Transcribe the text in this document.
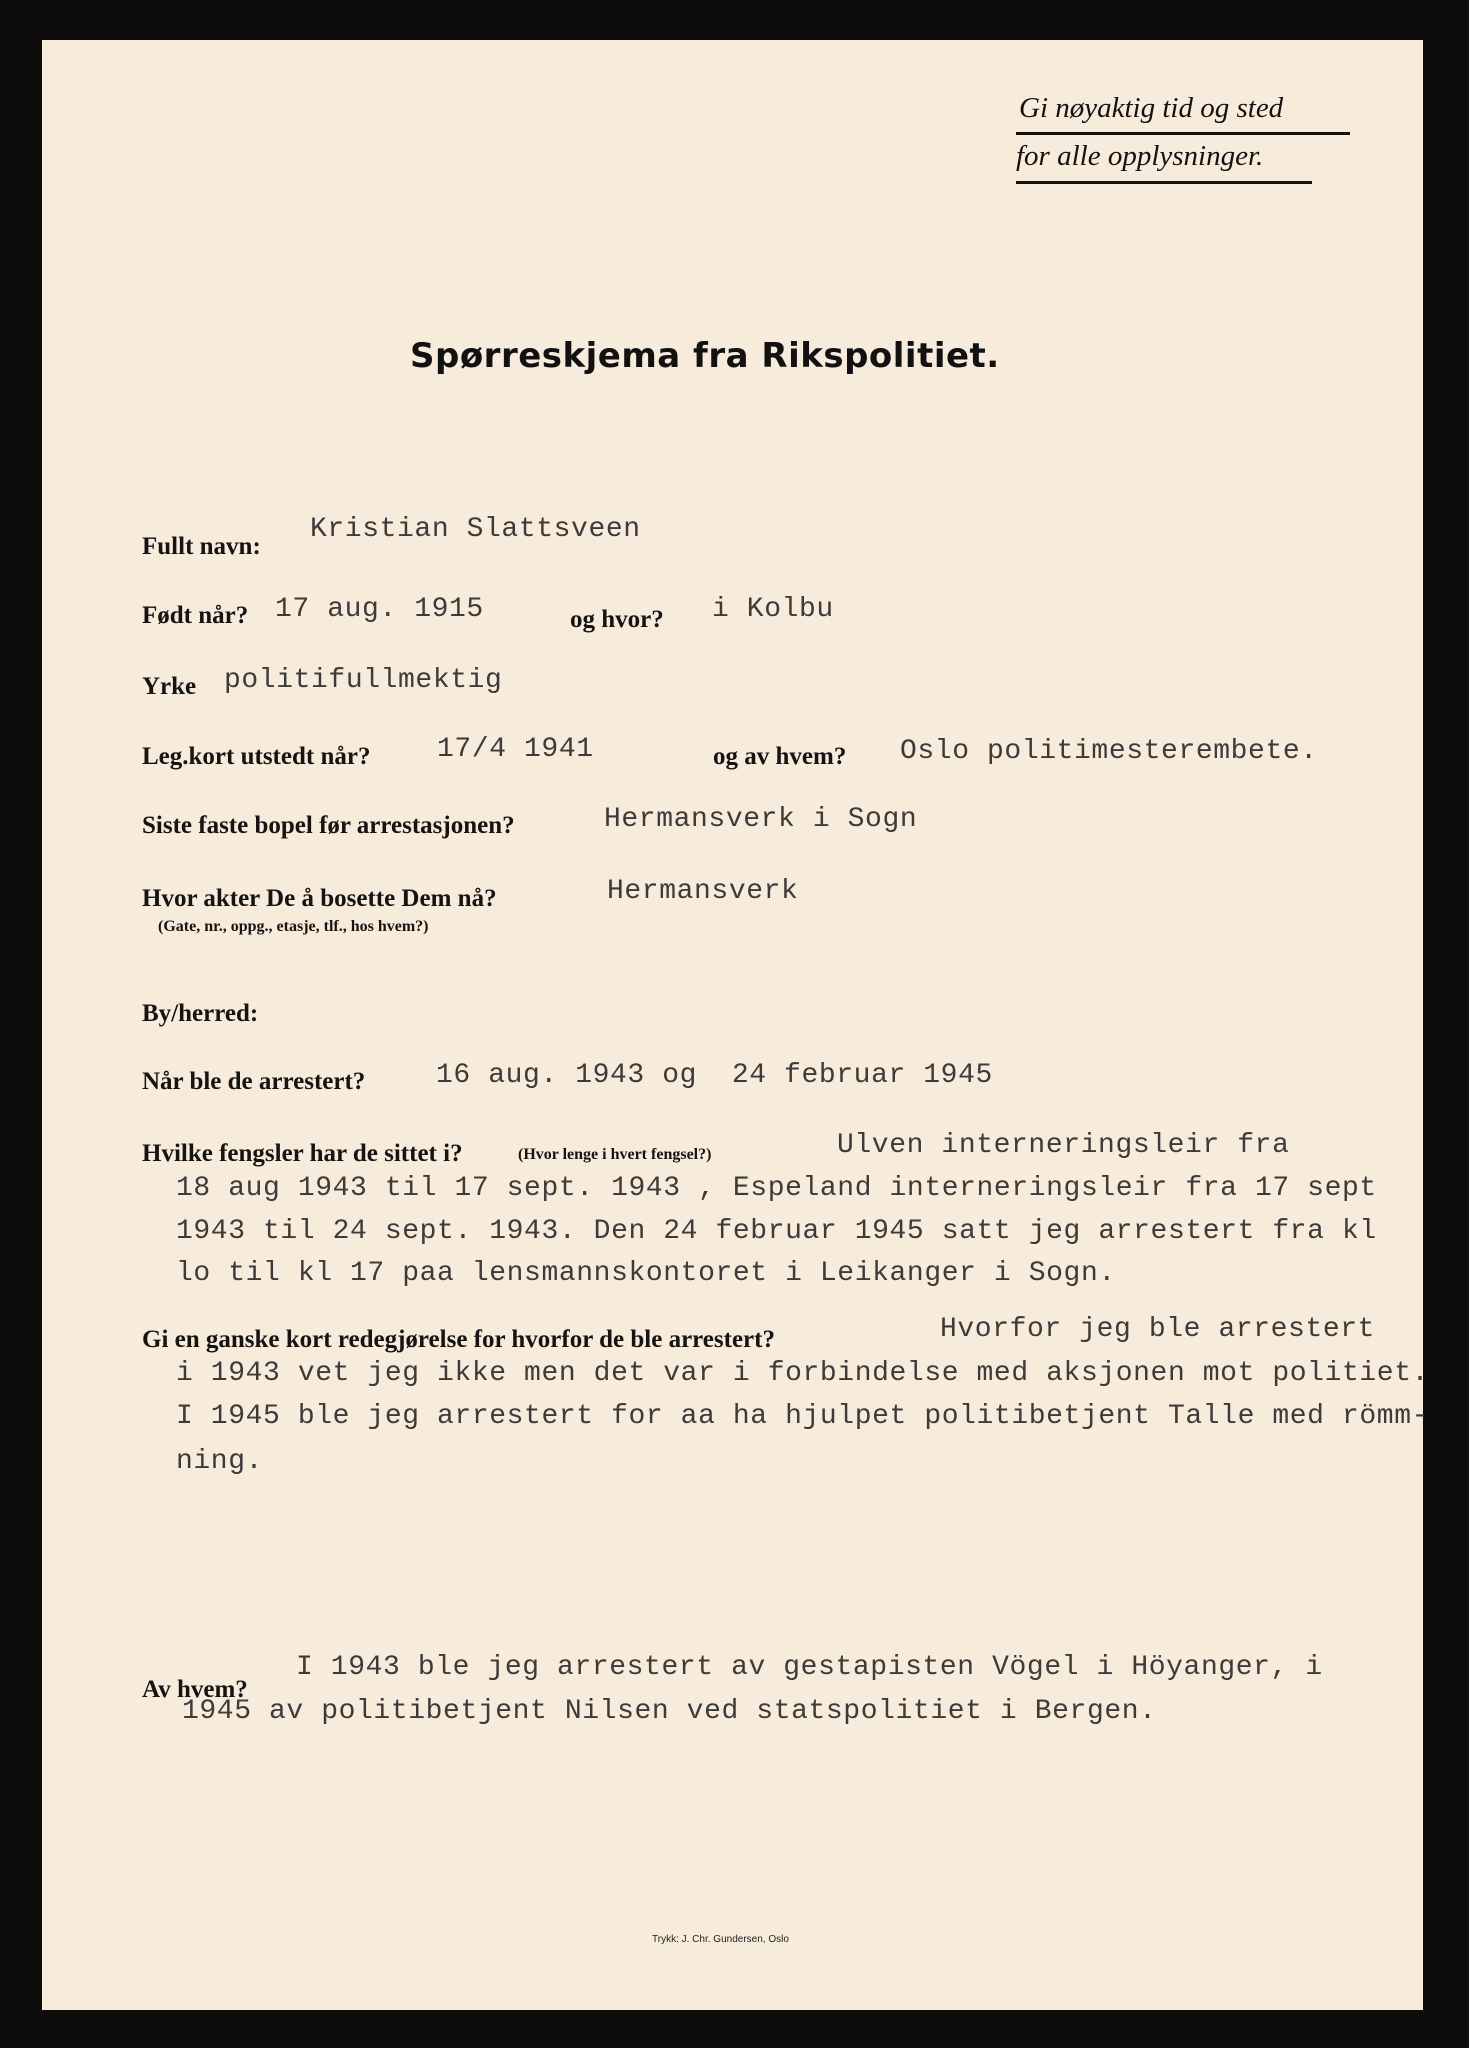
Gi nøyaktig tid og sted
for alle opplysninger.
Spørreskjema fra Rikspolitiet.
Fullt navn:
Kristian Slattsveen
Født når? 17 aug. 1915	og hvor? i Kolbu
Yrke politifullmektig
Leg.kort utstedt når? 17/4 1941	og av hvem? Oslo politimesterembete.
Siste faste bopel før arrestasjonen?	Hermansverk i Sogn
Hvor akter De å bosette Dem nå?
(Gate, nr., oppg., etasje, tlf., hos hvem?)
Hermansverk
By/herred:
Når ble de arrestert?	16 aug. 1943 og  24 februar 1945
Hvilke fengsler har de sittet i?	(Hvor lenge i hvert fengsel?)	Ulven interneringsleir fra
18 aug 1943 til 17 sept. 1943 , Espeland interneringsleir fra 17 sept
1943 til 24 sept. 1943. Den 24 februar 1945 satt jeg arrestert fra kl
lo til kl 17 paa lensmannskontoret i Leikanger i Sogn.
Gi en ganske kort redegjørelse for hvorfor de ble arrestert?	Hvorfor jeg ble arrestert
i 1943 vet jeg ikke men det var i forbindelse med aksjonen mot politiet.
I 1945 ble jeg arrestert for aa ha hjulpet politibetjent Talle med römm-
ning.
Av hvem?
I 1943 ble jeg arrestert av gestapisten Vögel i Höyanger, i
1945 av politibetjent Nilsen ved statspolitiet i Bergen.
Trykk: J. Chr. Gundersen, Oslo
